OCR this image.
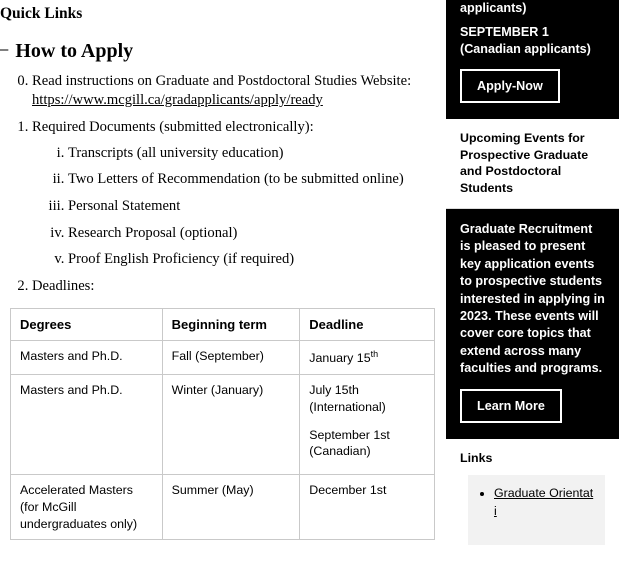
Quick Links
– How to Apply
0. Read instructions on Graduate and Postdoctoral Studies Website:
https://www.mcgill.ca/gradapplicants/apply/ready
1. Required Documents (submitted electronically):
i. Transcripts (all university education)
ii. Two Letters of Recommendation (to be submitted online)
iii. Personal Statement
iv. Research Proposal (optional)
v. Proof English Proficiency (if required)
2. Deadlines:
Degrees	Beginning term	Deadline
Masters and Ph.D.	Fall (September)	January 15th
Masters and Ph.D.	Winter (January)	July 15th (International)
September 1st (Canadian)
Accelerated Masters (for McGill undergraduates only)	Summer (May)	December 1st
applicants)
SEPTEMBER 1 (Canadian applicants)
Apply-Now
Upcoming Events for Prospective Graduate and Postdoctoral Students

Graduate Recruitment is pleased to present key application events to prospective students interested in applying in 2023. These events will cover core topics that extend across many faculties and programs.

Learn More
Links
• Graduate Orientati
